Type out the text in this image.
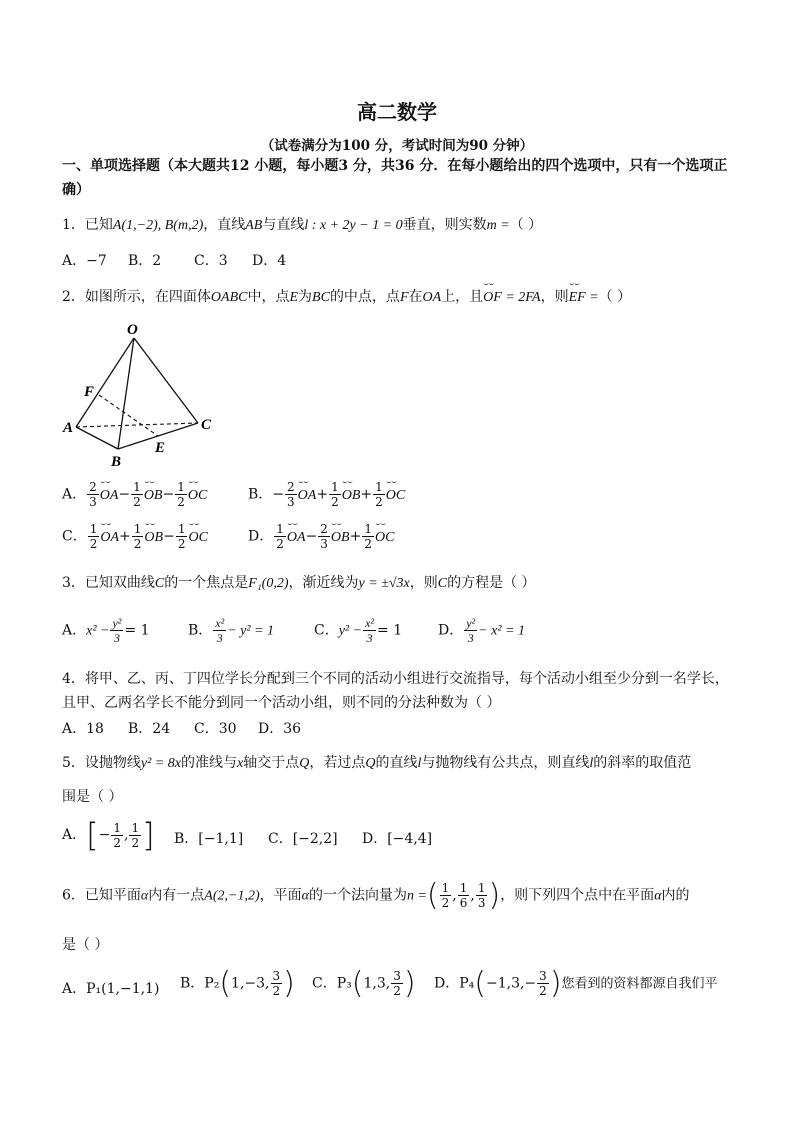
高二数学
（试卷满分为100 分，考试时间为90 分钟）
一、单项选择题（本大题共12 小题，每小题3 分，共36 分．在每小题给出的四个选项中，只有一个选项正确）
1．已知A(1,−2), B(m,2)，直线AB与直线l : x + 2y − 1 = 0垂直，则实数m =（ ）
A．−7 B．2 C．3 D．4
2．如图所示，在四面体OABC中，点E为BC的中点，点F在OA上，且⌣⌣ OF = 2FA，则⌣⌣ EF =（ ）
O
F
A	C
E
B
A． $\frac{2}{3}$ ⌣⌣ $OA- \frac{1}{2}$ ⌣⌣ $OB- \frac{1}{2}$ ⌣⌣ OC	B．− $\frac{2}{3}$ ⌣⌣ $OA+ \frac{1}{2}$ ⌣⌣ $OB+ \frac{1}{2}$ ⌣⌣ OC
C． $\frac{1}{2}$ ⌣⌣ $OA+ \frac{1}{2}$ ⌣⌣ $OB- \frac{1}{2}$ ⌣⌣ OC	D． $\frac{1}{2}$ ⌣⌣ $OA- \frac{2}{3}$ ⌣⌣ $OB+ \frac{1}{2}$ ⌣⌣ OC
3．已知双曲线C的一个焦点是F₁(0,2)，渐近线为y = ±√3x，则C的方程是（ ）
A．$x^2 - \frac{\text{y²}}{3} = 1$	B． $\frac{\text{x²}}{3} - y^2 = 1$	C．$y^2 - \frac{\text{x²}}{3} = 1$	D． $\frac{\text{y²}}{3} - x^2 = 1$
4．将甲、乙、丙、丁四位学长分配到三个不同的活动小组进行交流指导，每个活动小组至少分到一名学长，
且甲、乙两名学长不能分到同一个活动小组，则不同的分法种数为（ ）
A．18 B．24 C．30 D．36
5．设抛物线y² = 8x的准线与x轴交于点Q，若过点Q的直线l与抛物线有公共点，则直线l的斜率的取值范
围是（ ）
A．[− $\frac{1}{2}$ , $\frac{1}{2}$ ] B．[−1,1] C．[−2,2] D．[−4,4]
6．已知平面α内有一点A(2,−1,2)，平面α的一个法向量为n =( $\frac{1}{2}$ , $\frac{1}{6}$ , $\frac{1}{3}$ )，则下列四个点中在平面α内的
是（ ）
A．P₁(1,−1,1) B．P₂(1,−3, $\frac{3}{2}$ ) C．P₃(1,3, $\frac{3}{2}$ ) D．$P_4(-1,3,- \frac{3}{2}$ )您看到的资料都源自我们平
